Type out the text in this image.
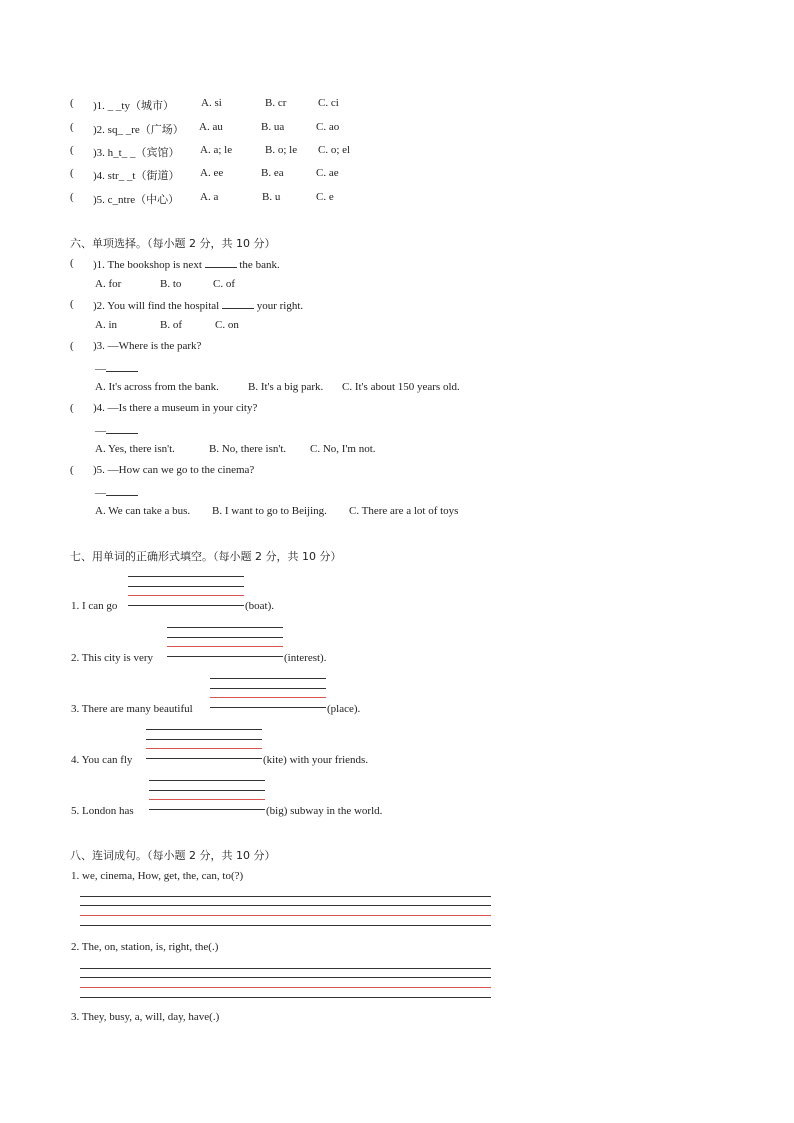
( )1. _ _ty（城市） A. si	B. cr	C. ci
( )2. sq_ _re（广场） A. au	B. ua	C. ao
( )3. h_t_ _（宾馆） A. a; le	B. o; le C. o; el
( )4. str_ _t（街道） A. ee	B. ea	C. ae
( )5. c_ntre（中心） A. a	B. u	C. e
六、单项选择。（每小题 2 分，共 10 分）
( )1. The bookshop is next	the bank.
A. for	B. to	C. of
( )2. You will find the hospital	your right.
A. in	B. of	C. on
( )3. —Where is the park?
—
A. It's across from the bank.	B. It's a big park. C. It's about 150 years old.
( )4. —Is there a museum in your city?
—
A. Yes, there isn't.	B. No, there isn't. C. No, I'm not.
( )5. —How can we go to the cinema?
—
A. We can take a bus. B. I want to go to Beijing. C. There are a lot of toys
七、用单词的正确形式填空。（每小题 2 分，共 10 分）
1. I can go	(boat).
2. This city is very	(interest).
3. There are many beautiful	(place).
4. You can fly	(kite) with your friends.
5. London has	(big) subway in the world.
八、连词成句。（每小题 2 分，共 10 分）
1. we, cinema, How, get, the, can, to(?)
2. The, on, station, is, right, the(.)
3. They, busy, a, will, day, have(.)
